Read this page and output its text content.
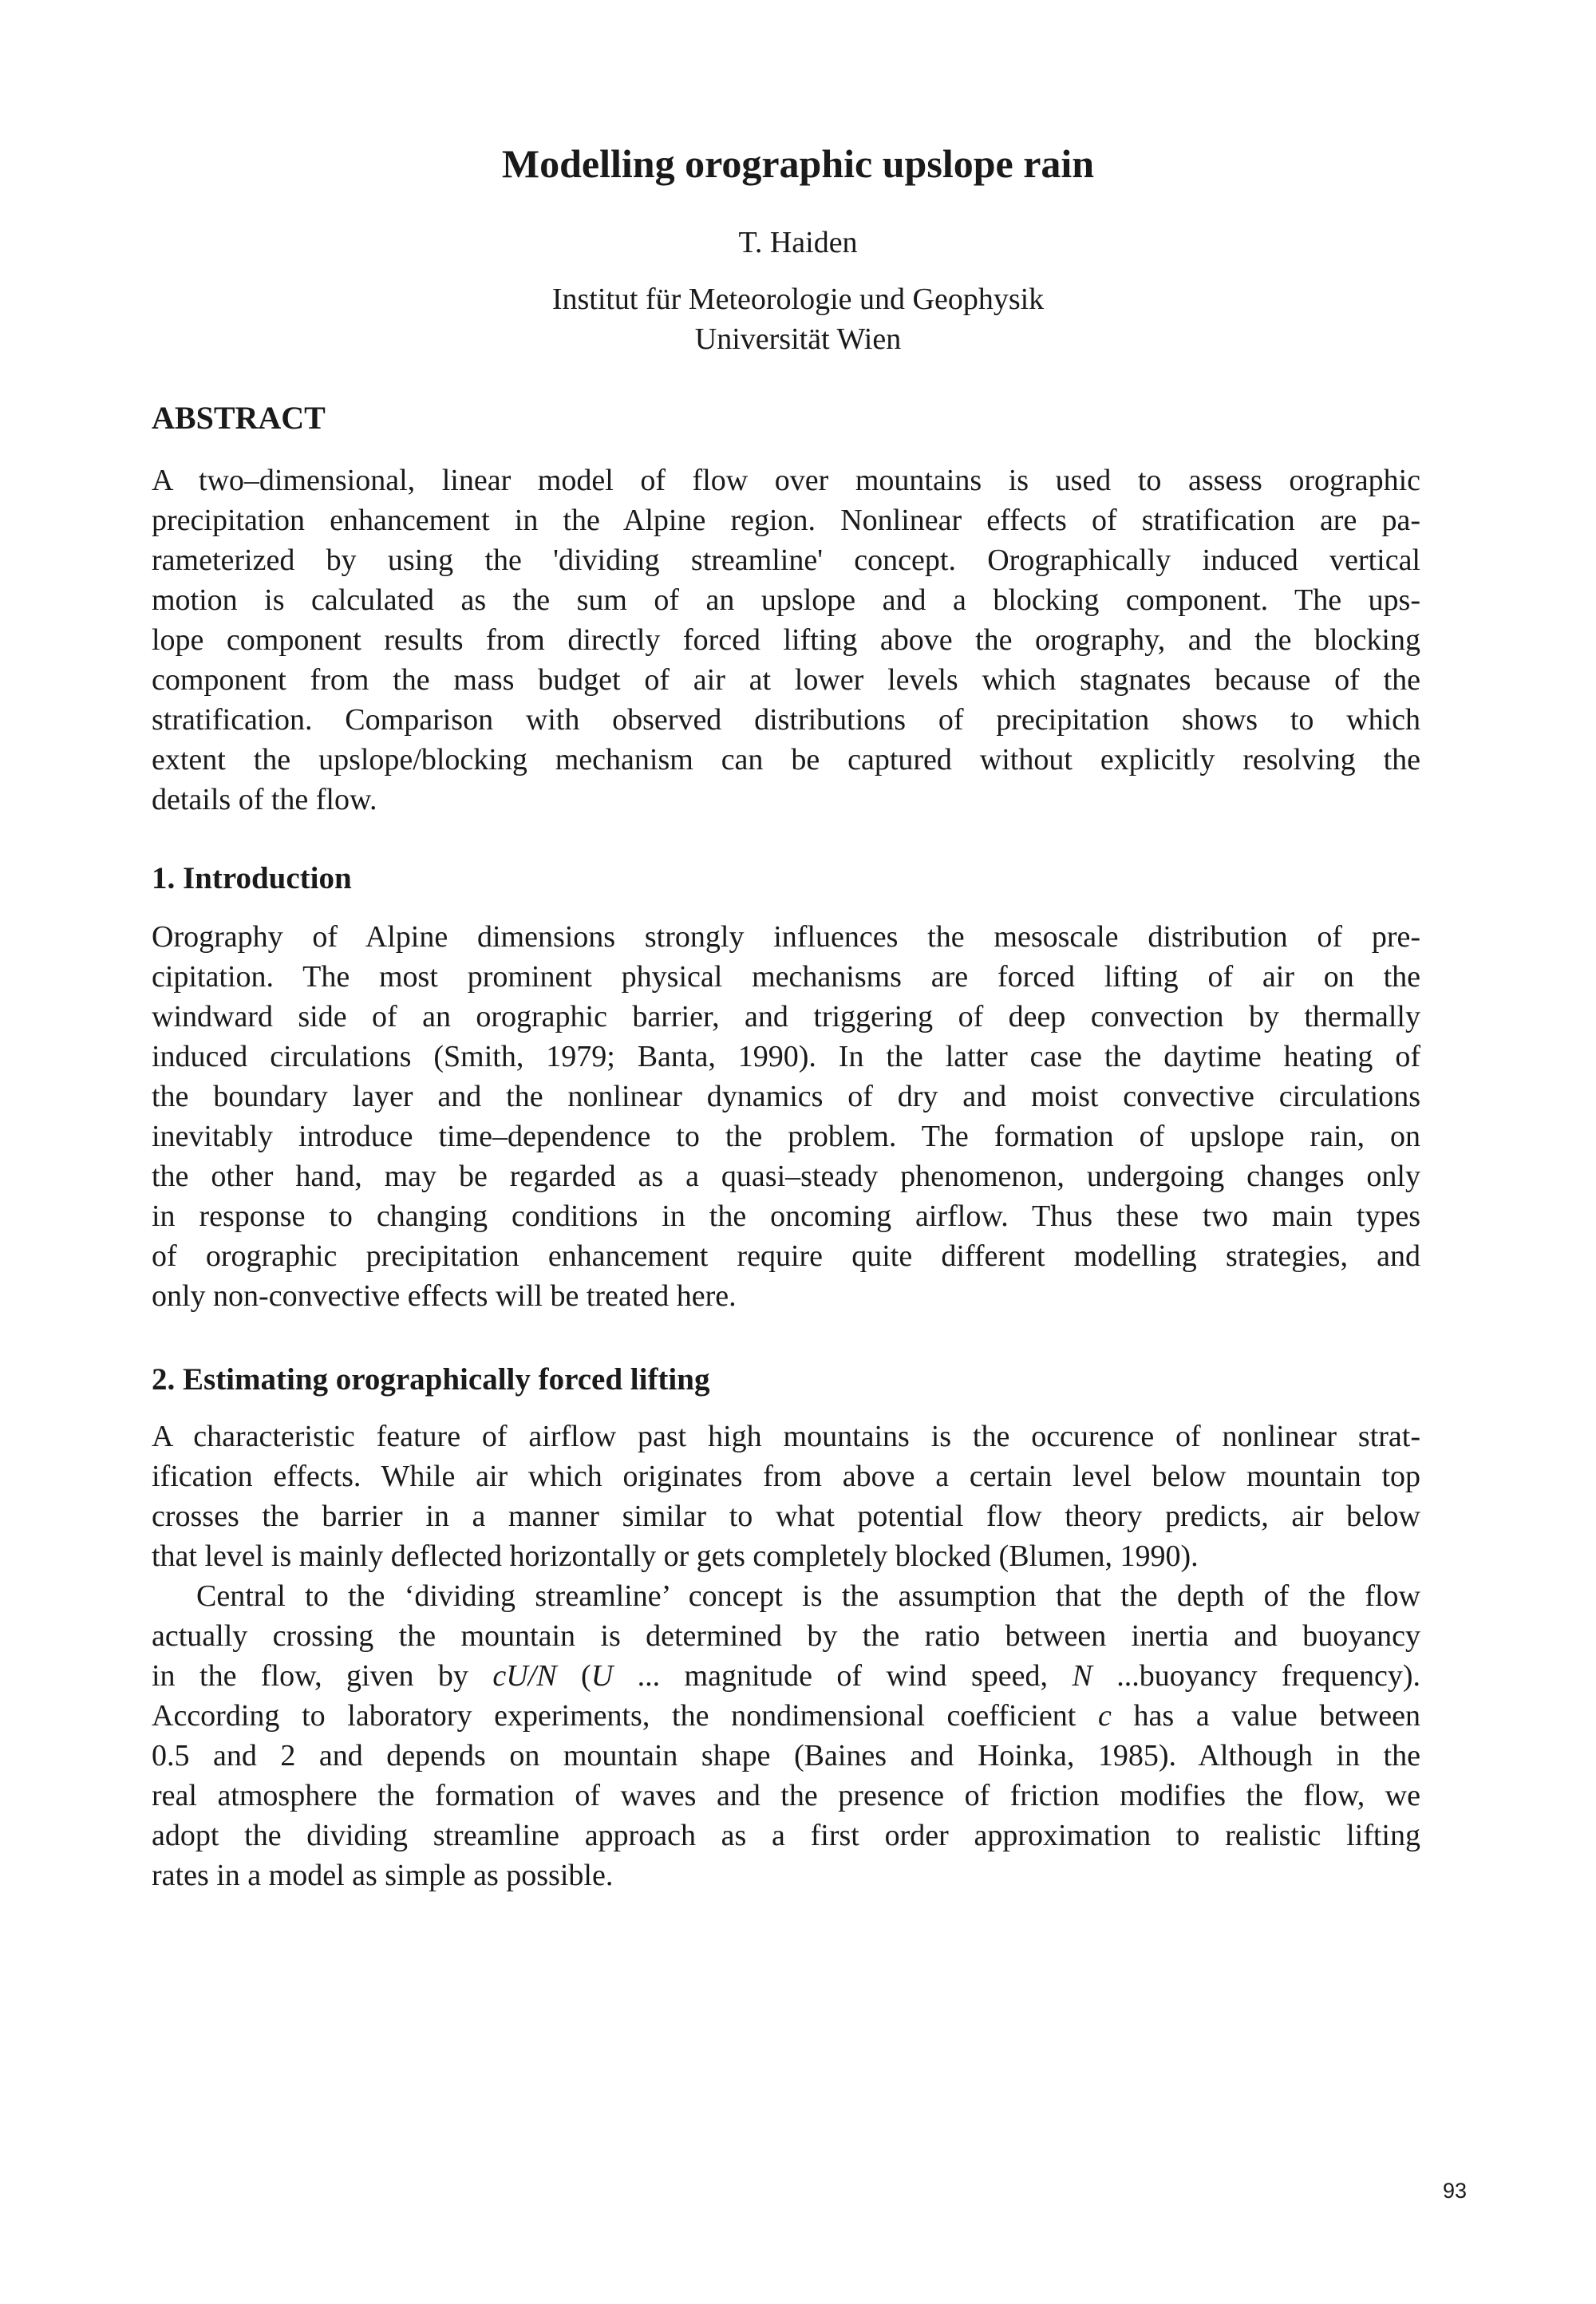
Modelling orographic upslope rain
T. Haiden
Institut für Meteorologie und Geophysik
Universität Wien
ABSTRACT
A two–dimensional, linear model of flow over mountains is used to assess orographic
precipitation enhancement in the Alpine region. Nonlinear effects of stratification are pa-
rameterized by using the 'dividing streamline' concept. Orographically induced vertical
motion is calculated as the sum of an upslope and a blocking component. The ups-
lope component results from directly forced lifting above the orography, and the blocking
component from the mass budget of air at lower levels which stagnates because of the
stratification. Comparison with observed distributions of precipitation shows to which
extent the upslope/blocking mechanism can be captured without explicitly resolving the
details of the flow.
1. Introduction
Orography of Alpine dimensions strongly influences the mesoscale distribution of pre-
cipitation. The most prominent physical mechanisms are forced lifting of air on the
windward side of an orographic barrier, and triggering of deep convection by thermally
induced circulations (Smith, 1979; Banta, 1990). In the latter case the daytime heating of
the boundary layer and the nonlinear dynamics of dry and moist convective circulations
inevitably introduce time–dependence to the problem. The formation of upslope rain, on
the other hand, may be regarded as a quasi–steady phenomenon, undergoing changes only
in response to changing conditions in the oncoming airflow. Thus these two main types
of orographic precipitation enhancement require quite different modelling strategies, and
only non-convective effects will be treated here.
2. Estimating orographically forced lifting
A characteristic feature of airflow past high mountains is the occurence of nonlinear strat-
ification effects. While air which originates from above a certain level below mountain top
crosses the barrier in a manner similar to what potential flow theory predicts, air below
that level is mainly deflected horizontally or gets completely blocked (Blumen, 1990).
Central to the ‘dividing streamline’ concept is the assumption that the depth of the flow
actually crossing the mountain is determined by the ratio between inertia and buoyancy
in the flow, given by cU/N (U ... magnitude of wind speed, N ...buoyancy frequency).
According to laboratory experiments, the nondimensional coefficient c has a value between
0.5 and 2 and depends on mountain shape (Baines and Hoinka, 1985). Although in the
real atmosphere the formation of waves and the presence of friction modifies the flow, we
adopt the dividing streamline approach as a first order approximation to realistic lifting
rates in a model as simple as possible.
93
